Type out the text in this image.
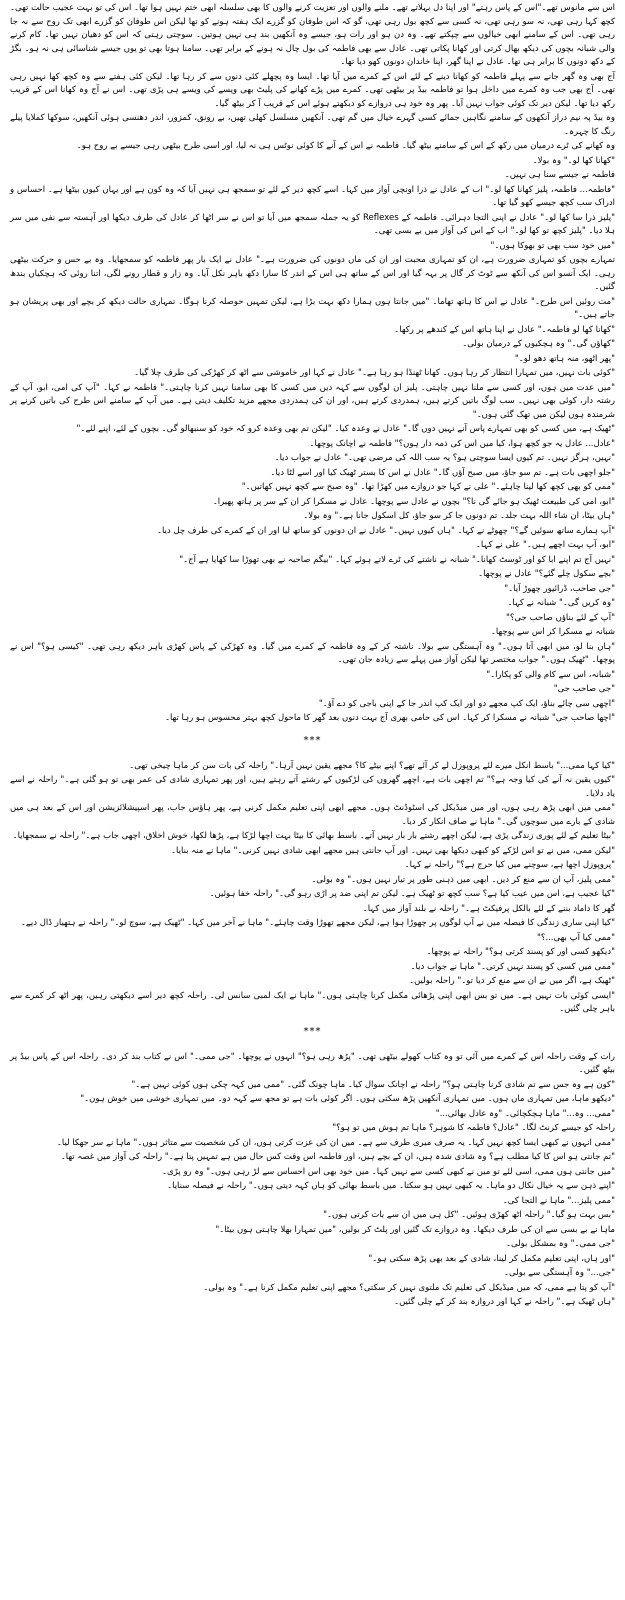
اس سے مانوس تھے۔"اس کے پاس رہتے" اور اپنا دل بہلاتے تھے۔ ملنے والوں اور تعزیت کرنے والوں کا بھی سلسلہ ابھی ختم نہیں ہوا تھا۔ اس کی تو بہت عجیب حالت تھی۔ کچھ کہا رہی تھی، نہ سو رہی تھی، نہ کسی سے کچھ بول رہی تھی، گو کہ اس طوفان کو گزرے ایک ہفتہ ہونے کو تھا لیکن اس طوفان کو گزرے ابھی تک روح سے نہ جا رہی تھی۔ اس کے سامنے ابھی خیالوں سے چپکتے تھے۔ وہ دن ہو اور رات ہو، جیسے وہ آنکھیں بند ہی نہیں ہوتیں۔ سوچتی رہتی کہ اس کو دھیان نہیں تھا۔ کام کرنے والی شبانہ بچوں کی دیکھ بھال کرتی اور کھانا پکاتی تھی۔ عادل سے بھی فاطمہ کی بول چال نہ ہونے کے برابر تھی۔ سامنا ہوتا بھی تو یوں جیسے شناسائی ہی نہ ہو۔ بگڑ کے دکھ دونوں کا برابر ہی تھا۔ عادل نے اپنا گھر، اپنا خاندان دونوں کھو دیا تھا۔

آج بھی وہ گھر جانے سے پہلے فاطمہ کو کھانا دینے کے لئے اس کے کمرے میں آیا تھا۔ ایسا وہ پچھلے کئی دنوں سے کر رہا تھا۔ لیکن کئی ہفتے سے وہ کچھ کھا نہیں رہی تھی۔ آج بھی جب وہ کمرے میں داخل ہوا تو فاطمہ بیڈ پر بیٹھی تھی۔ کمرے میں پڑے کھانے کی پلیٹ بھی ویسے کی ویسے ہی پڑی تھی۔ اس نے آج وہ کھانا اس کے قریب رکھ دیا تھا۔ لیکن دیر تک کوئی جواب نہیں آیا۔ پھر وہ خود ہی دروازے کو دیکھتے ہوئے اس کے قریب آ کر بیٹھ گیا۔

وہ بیڈ پہ نیم دراز آنکھوں کے سامنے نگاہیں جمائے کسی گہرے خیال میں گم تھی۔ آنکھیں مسلسل کھلی تھیں، بے رونق، کمزور، اندر دھنسی ہوئی آنکھیں، سوکھا کملایا پیلے رنگ کا چہرہ۔

وہ کھانے کی ٹرے درمیان میں رکھ کے اس کے سامنے بیٹھ گیا۔ فاطمہ نے اس کے آنے کا کوئی نوٹس ہی نہ لیا، اور اسی طرح بیٹھی رہی جیسے بے روح ہو۔

"کھانا کھا لو۔" وہ بولا۔

فاطمہ نے جیسے سنا ہی نہیں۔

"فاطمہ... فاطمہ، پلیز کھانا کھا لو۔" اب کے عادل نے ذرا اونچی آواز میں کہا۔ اسے کچھ دیر کے لئے تو سمجھ ہی نہیں آیا کہ وہ کون ہے اور یہاں کیوں بیٹھا ہے۔ احساس و ادراک سب کچھ جیسے کھو گیا تھا۔

"پلیز ذرا سا کھا لو۔" عادل نے اپنی التجا دہرائی۔ فاطمہ کے Reflexes کو یہ جملہ سمجھ میں آیا تو اس نے سر اٹھا کر عادل کی طرف دیکھا اور آہستہ سے نفی میں سر ہلا دیا۔ "پلیز کچھ تو کھا لو۔" اب کے اس کی آواز میں بے بسی تھی۔

"میں خود سب بھی تو بھوکا ہوں۔"

تمہارے بچوں کو تمہاری ضرورت ہے، ان کو تمہاری محبت اور ان کی ماں دونوں کی ضرورت ہے۔" عادل نے ایک بار پھر فاطمہ کو سمجھایا۔ وہ بے حس و حرکت بیٹھی رہی۔ ایک آنسو اس کی آنکھ سے ٹوٹ کر گال پر بہہ گیا اور اس کے ساتھ ہی اس کے اندر کا سارا دکھ باہر نکل آیا۔ وہ زار و قطار رونے لگی، اتنا روئی کہ ہچکیاں بندھ گئیں۔

"مت روئیں اس طرح۔" عادل نے اس کا ہاتھ تھاما۔ "میں جانتا ہوں ہمارا دکھ بہت بڑا ہے، لیکن تمہیں حوصلہ کرنا ہوگا۔ تمہاری حالت دیکھ کر بچے اور بھی پریشان ہو جاتے ہیں۔"

"کھانا کھا لو فاطمہ۔" عادل نے اپنا ہاتھ اس کے کندھے پر رکھا۔

"کھاؤں گی۔" وہ ہچکیوں کے درمیان بولی۔

"پھر اٹھو، منہ ہاتھ دھو لو۔"

"کوئی بات نہیں، میں تمہارا انتظار کر رہا ہوں۔ کھانا ٹھنڈا ہو رہا ہے۔" عادل نے کہا اور خاموشی سے اٹھ کر کھڑکی کی طرف چلا گیا۔

"میں عدت میں ہوں، اور کسی سے ملنا نہیں چاہتی۔ پلیز ان لوگوں سے کہہ دیں میں کسی کا بھی سامنا نہیں کرنا چاہتی۔" فاطمہ نے کہا۔ "آپ کی امی، ابو، آپ کے رشتہ دار، کوئی بھی نہیں۔ سب لوگ باتیں کرتے ہیں، ہمدردی کرتے ہیں، اور ان کی ہمدردی مجھے مزید تکلیف دیتی ہے۔ میں آپ کے سامنے اس طرح کی باتیں کرنے پر شرمندہ ہوں لیکن میں تھک گئی ہوں۔"

"ٹھیک ہے، میں کسی کو بھی تمہارے پاس آنے نہیں دوں گا۔" عادل نے وعدہ کیا۔ "لیکن تم بھی وعدہ کرو کہ خود کو سنبھالو گی۔ بچوں کے لئے، اپنے لئے۔"

"عادل... عادل یہ جو کچھ ہوا، کیا میں اس کی ذمہ دار ہوں؟" فاطمہ نے اچانک پوچھا۔

"نہیں، ہرگز نہیں۔ تم کیوں ایسا سوچتی ہو؟ یہ سب اللہ کی مرضی تھی۔" عادل نے جواب دیا۔

"جلو اچھی بات ہے۔ تم سو جاؤ، میں صبح آؤں گا۔" عادل نے اس کا بستر ٹھیک کیا اور اسے لٹا دیا۔

"ممی کو بھی کچھ کھا لینا چاہئے۔" علی نے کہا جو دروازے میں کھڑا تھا۔ "وہ صبح سے کچھ نہیں کھاتیں۔"

"ابو، امی کی طبیعت ٹھیک ہو جائے گی نا؟" بچوں نے عادل سے پوچھا۔ عادل نے مسکرا کر ان کے سر پر ہاتھ پھیرا۔

"ہاں بیٹا، ان شاء اللہ بہت جلد۔ تم دونوں جا کر سو جاؤ، کل اسکول جانا ہے۔" وہ بولا۔

"آپ ہمارے ساتھ سوئیں گے؟" چھوٹے نے کہا۔ "ہاں کیوں نہیں۔" عادل نے ان دونوں کو ساتھ لیا اور ان کے کمرے کی طرف چل دیا۔

"ابو، آپ بہت اچھے ہیں۔" علی نے کہا۔

"نہیں آج تم اپنے ابا کو اور ٹوسٹ کھانا۔" شبانہ نے ناشتے کی ٹرے لاتے ہوئے کہا۔ "بیگم صاحبہ نے بھی تھوڑا سا کھایا ہے آج۔"

"بچے سکول چلے گئے؟" عادل نے پوچھا۔

"جی صاحب، ڈرائیور چھوڑ آیا۔"

"وہ کریں گی۔" شبانہ نے کہا۔

"آپ کے لئے بناؤں صاحب جی؟"

شبانہ نے مسکرا کر اس سے پوچھا۔

"ہاں بنا لو، میں ابھی آتا ہوں۔" وہ آہستگی سے بولا۔ ناشتہ کر کے وہ فاطمہ کے کمرے میں گیا۔ وہ کھڑکی کے پاس کھڑی باہر دیکھ رہی تھی۔ "کیسی ہو؟" اس نے پوچھا۔ "ٹھیک ہوں۔" جواب مختصر تھا لیکن آواز میں پہلے سے زیادہ جان تھی۔

"شبانہ، اس سے کام والی کو پکارا۔"

"جی صاحب جی"

"اچھی سی چائے بناؤ، ایک کپ مجھے دو اور ایک کپ اندر جا کے اپنی باجی کو دے آؤ۔"

"اچھا صاحب جی" شبانہ نے مسکرا کر کہا۔ اس کی حامی بھری آج بہت دنوں بعد گھر کا ماحول کچھ بہتر محسوس ہو رہا تھا۔

***

"کیا کہا ممی..." باسط انکل میرے لئے پروپوزل لے کر آئے تھے؟ اپنے بیٹے کا؟ مجھے یقین نہیں آرہا۔" راحلہ کی بات سن کر ماہا چیخی تھی۔

"کیوں یقین نہ آنے کی کیا وجہ ہے؟" تم اچھی بات ہے، اچھے گھروں کی لڑکیوں کے رشتے آتے رہتے ہیں، اور پھر تمہاری شادی کی عمر بھی تو ہو گئی ہے۔" راحلہ نے اسے یاد دلایا۔

"ممی میں ابھی پڑھ رہی ہوں، اور میں میڈیکل کی اسٹوڈنٹ ہوں۔ مجھے ابھی اپنی تعلیم مکمل کرنی ہے، پھر ہاؤس جاب، پھر اسپیشلائزیشن اور اس کے بعد ہی میں شادی کے بارے میں سوچوں گی۔" ماہا نے صاف انکار کر دیا۔

"بیٹا تعلیم کے لئے پوری زندگی پڑی ہے، لیکن اچھے رشتے بار بار نہیں آتے۔ باسط بھائی کا بیٹا بہت اچھا لڑکا ہے، پڑھا لکھا، خوش اخلاق، اچھی جاب ہے۔" راحلہ نے سمجھایا۔

"لیکن ممی، میں نے تو اس لڑکے کو کبھی دیکھا بھی نہیں۔ اور آپ جانتی ہیں مجھے ابھی شادی نہیں کرنی۔" ماہا نے منہ بنایا۔

"پروپوزل اچھا ہے، سوچنے میں کیا حرج ہے؟" راحلہ نے کہا۔

"ممی پلیز، آپ ان سے منع کر دیں۔ ابھی میں ذہنی طور پر تیار نہیں ہوں۔" وہ بولی۔

"کیا عجیب ہے، اس میں عیب کیا ہے؟ سب کچھ تو ٹھیک ہے۔ لیکن تم اپنی ضد پر اڑی رہو گی۔" راحلہ خفا ہوئیں۔

گھر کا داماد بننے کے لئے بالکل پرفیکٹ ہے۔" راحلہ نے بلند آواز میں کہا۔

"کیا اپنی ساری زندگی کا فیصلہ میں نے آپ لوگوں پر چھوڑا ہوا ہے، لیکن مجھے تھوڑا وقت چاہئے۔" ماہا نے آخر میں کہا۔ "ٹھیک ہے، سوچ لو۔" راحلہ نے ہتھیار ڈال دیے۔

"ممی کیا آپ بھی...؟"

"دیکھو کسی اور کو پسند کرتی ہو؟" راحلہ نے پوچھا۔

"ممی میں کسی کو پسند نہیں کرتی۔" ماہا نے جواب دیا۔

"ٹھیک ہے، اگر میں نے ان سے منع کر دیا تو۔" راحلہ بولیں۔

"ایسی کوئی بات نہیں ہے۔ میں تو بس ابھی اپنی پڑھائی مکمل کرنا چاہتی ہوں۔" ماہا نے ایک لمبی سانس لی۔ راحلہ کچھ دیر اسے دیکھتی رہیں، پھر اٹھ کر کمرے سے باہر چلی گئیں۔

***

رات کے وقت راحلہ اس کے کمرے میں آئی تو وہ کتاب کھولے بیٹھی تھی۔ "پڑھ رہی ہو؟" انہوں نے پوچھا۔ "جی ممی۔" اس نے کتاب بند کر دی۔ راحلہ اس کے پاس بیڈ پر بیٹھ گئیں۔

"کون ہے وہ جس سے تم شادی کرنا چاہتی ہو؟" راحلہ نے اچانک سوال کیا۔ ماہا چونک گئی۔ "ممی میں کہہ چکی ہوں کوئی نہیں ہے۔"

"دیکھو ماہا، میں تمہاری ماں ہوں۔ میں تمہاری آنکھیں پڑھ سکتی ہوں۔ اگر کوئی بات ہے تو مجھ سے کہہ دو۔ میں تمہاری خوشی میں خوش ہوں۔"

"ممی... وہ..." ماہا ہچکچائی۔ "وہ عادل بھائی..."

راحلہ کو جیسے کرنٹ لگا۔ "عادل؟ فاطمہ کا شوہر؟ ماہا تم ہوش میں تو ہو؟"

"ممی انہوں نے کبھی ایسا کچھ نہیں کہا۔ یہ صرف میری طرف سے ہے۔ میں ان کی عزت کرتی ہوں، ان کی شخصیت سے متاثر ہوں۔" ماہا نے سر جھکا لیا۔

"تم جانتی ہو اس کا کیا مطلب ہے؟ وہ شادی شدہ ہیں، ان کے بچے ہیں، اور فاطمہ اس وقت کس حال میں ہے تمہیں پتا ہے۔" راحلہ کی آواز میں غصہ تھا۔

"میں جانتی ہوں ممی، اسی لئے تو میں نے کبھی کسی سے نہیں کہا۔ میں خود بھی اس احساس سے لڑ رہی ہوں۔" وہ رو پڑی۔

"اپنے ذہن سے یہ خیال نکال دو ماہا۔ یہ کبھی نہیں ہو سکتا۔ میں باسط بھائی کو ہاں کہہ دیتی ہوں۔" راحلہ نے فیصلہ سنایا۔

"ممی پلیز..." ماہا نے التجا کی۔

"بس بہت ہو گیا۔" راحلہ اٹھ کھڑی ہوئیں۔ "کل ہی میں ان سے بات کرتی ہوں۔"

ماہا نے بے بسی سے ان کی طرف دیکھا۔ وہ دروازے تک گئیں اور پلٹ کر بولیں، "میں تمہارا بھلا چاہتی ہوں بیٹا۔"

"جی ممی۔" وہ بمشکل بولی۔

"اور ہاں، اپنی تعلیم مکمل کر لینا، شادی کے بعد بھی پڑھ سکتی ہو۔"

"جی..." وہ آہستگی سے بولی۔

"آپ کو پتا ہے ممی، کہ میں میڈیکل کی تعلیم تک ملتوی نہیں کر سکتی؟ مجھے اپنی تعلیم مکمل کرنا ہے۔" وہ بولی۔

"ہاں ٹھیک ہے۔" راحلہ نے کہا اور دروازہ بند کر کے چلی گئیں۔
